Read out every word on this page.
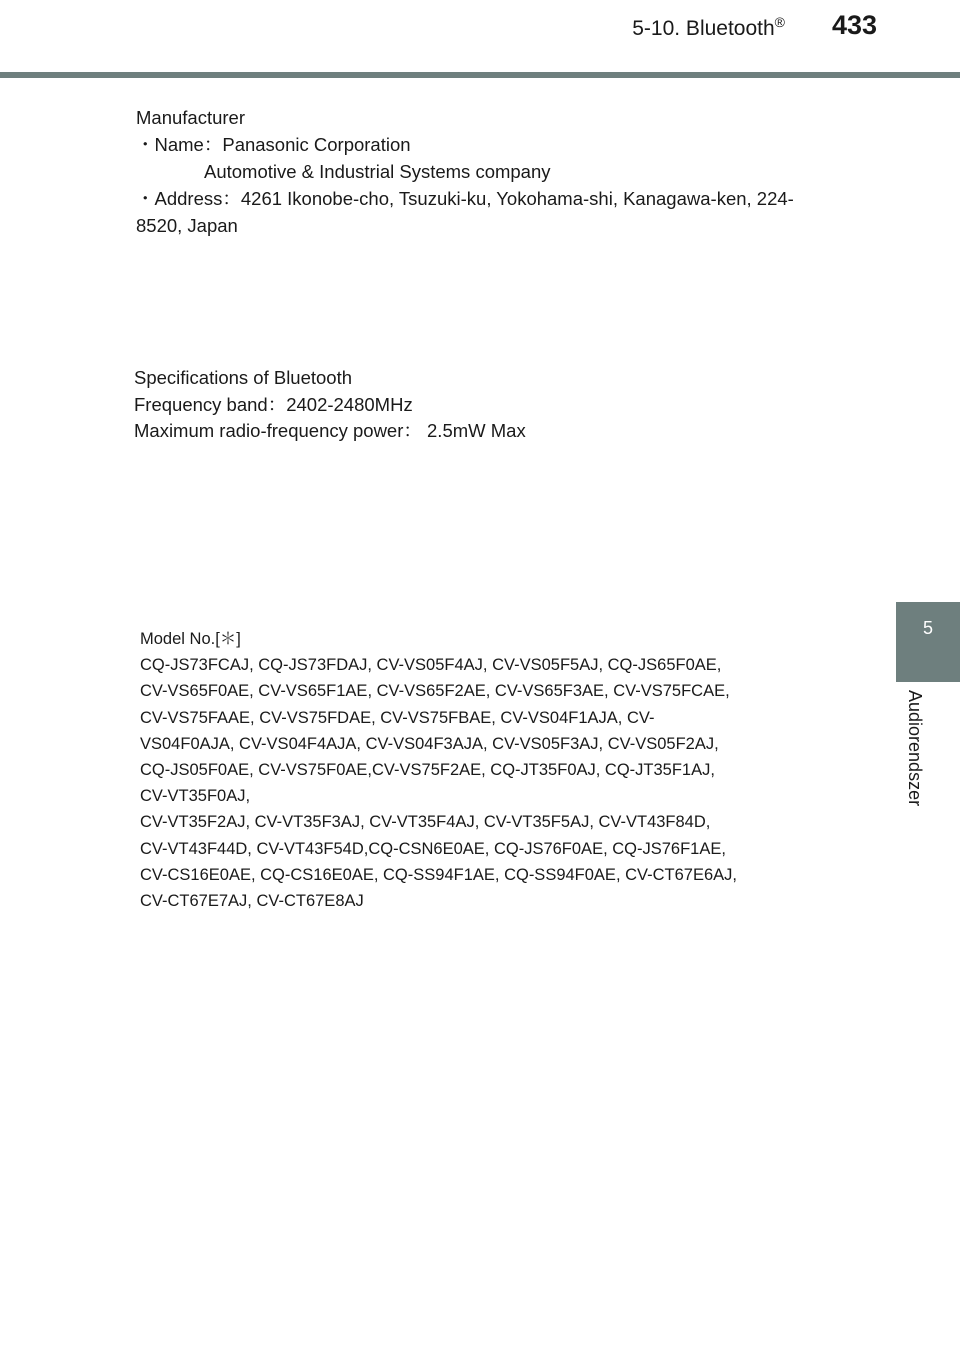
5-10. Bluetooth® 433
5
Audiorendszer
Manufacturer
・Name：Panasonic Corporation
Automotive & Industrial Systems company
・Address：4261 Ikonobe-cho, Tsuzuki-ku, Yokohama-shi, Kanagawa-ken, 224-
8520, Japan
Specifications of Bluetooth
Frequency band：2402-2480MHz
Maximum radio-frequency power： 2.5mW Max
Model No.[＊]
CQ-JS73FCAJ, CQ-JS73FDAJ, CV-VS05F4AJ, CV-VS05F5AJ, CQ-JS65F0AE,
CV-VS65F0AE, CV-VS65F1AE, CV-VS65F2AE, CV-VS65F3AE, CV-VS75FCAE,
CV-VS75FAAE, CV-VS75FDAE, CV-VS75FBAE, CV-VS04F1AJA, CV-
VS04F0AJA, CV-VS04F4AJA, CV-VS04F3AJA, CV-VS05F3AJ, CV-VS05F2AJ,
CQ-JS05F0AE, CV-VS75F0AE,CV-VS75F2AE, CQ-JT35F0AJ, CQ-JT35F1AJ,
CV-VT35F0AJ,
CV-VT35F2AJ, CV-VT35F3AJ, CV-VT35F4AJ, CV-VT35F5AJ, CV-VT43F84D,
CV-VT43F44D, CV-VT43F54D,CQ-CSN6E0AE, CQ-JS76F0AE, CQ-JS76F1AE,
CV-CS16E0AE, CQ-CS16E0AE, CQ-SS94F1AE, CQ-SS94F0AE, CV-CT67E6AJ,
CV-CT67E7AJ, CV-CT67E8AJ
